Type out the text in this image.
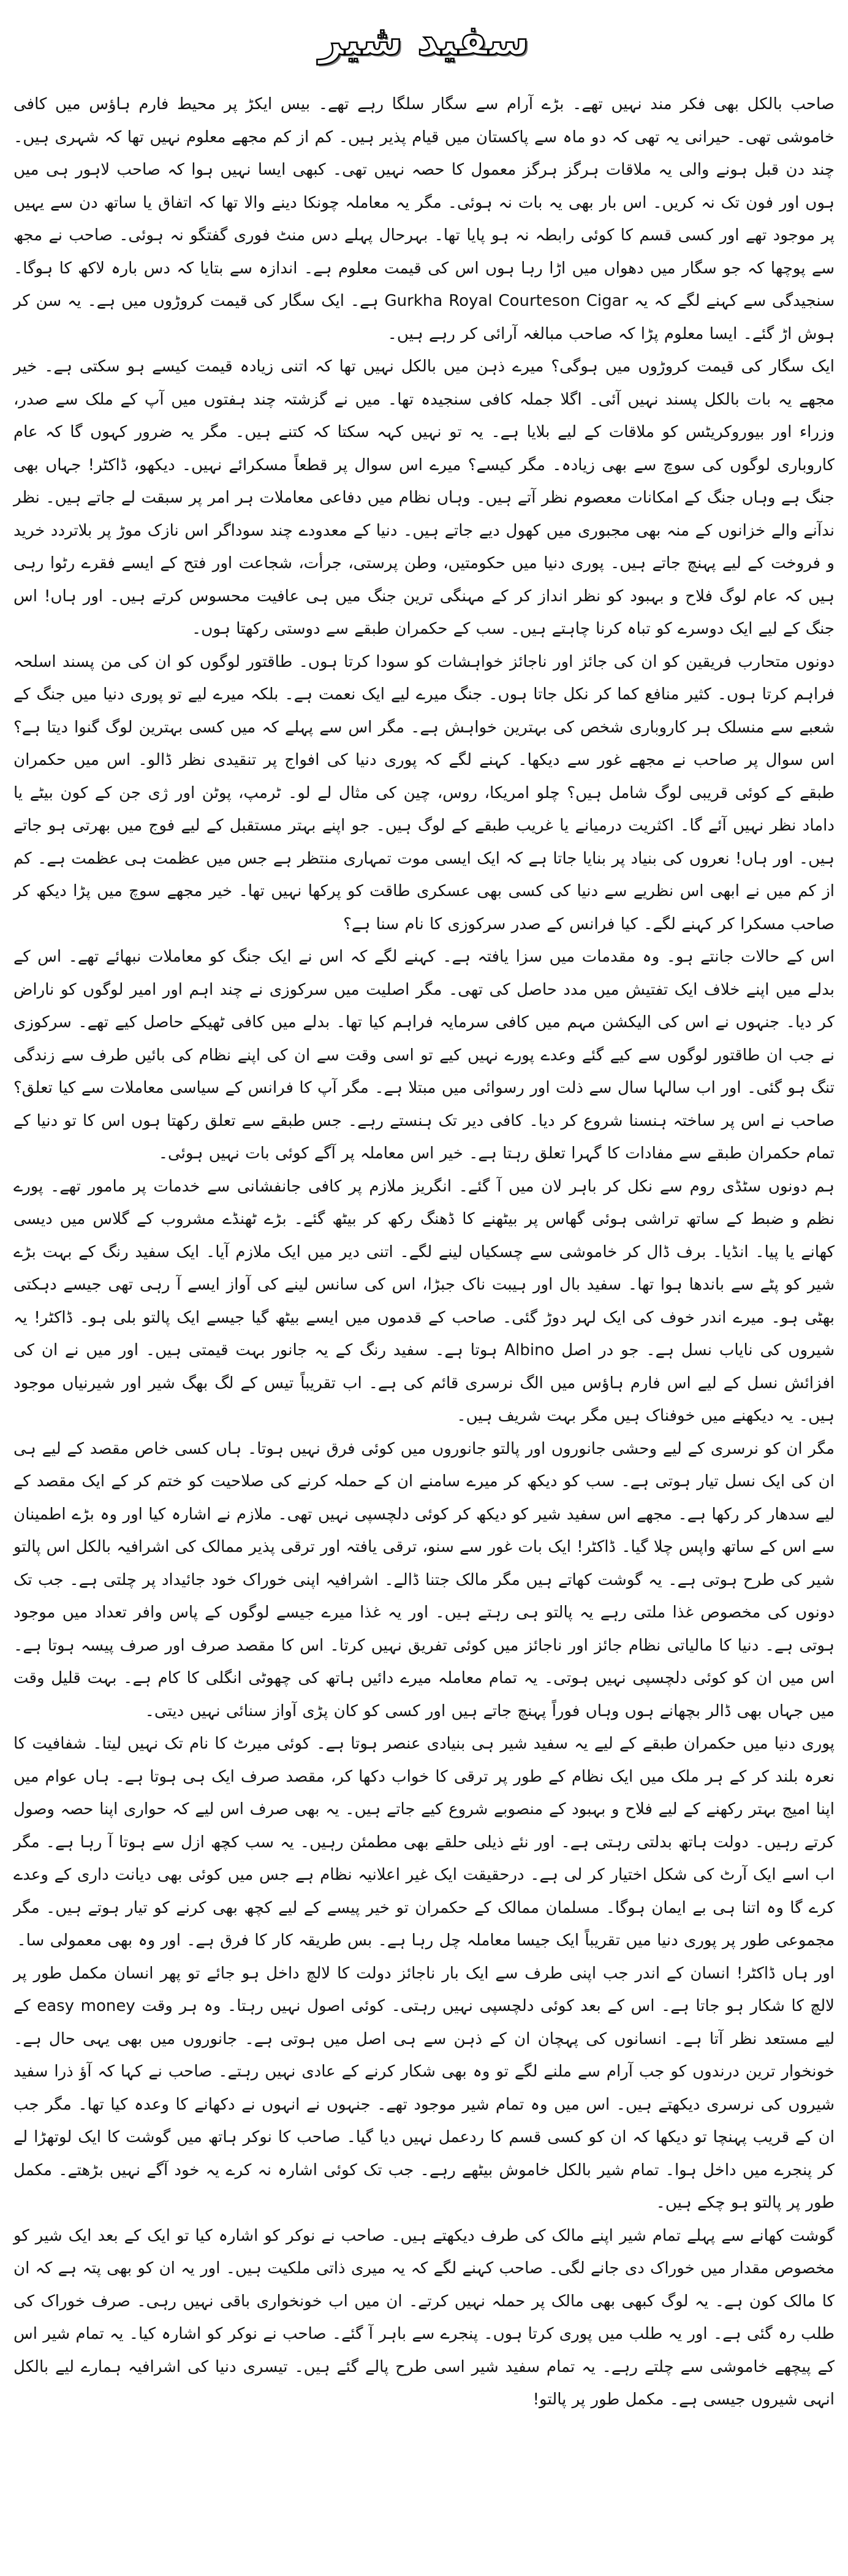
سفید شیر

صاحب بالکل بھی فکر مند نہیں تھے۔ بڑے آرام سے سگار سلگا رہے تھے۔ بیس ایکڑ پر محیط فارم ہاؤس میں کافی خاموشی تھی۔ حیرانی یہ تھی کہ دو ماہ سے پاکستان میں قیام پذیر ہیں۔ کم از کم مجھے معلوم نہیں تھا کہ شہری ہیں۔ چند دن قبل ہونے والی یہ ملاقات ہرگز ہرگز معمول کا حصہ نہیں تھی۔ کبھی ایسا نہیں ہوا کہ صاحب لاہور ہی میں ہوں اور فون تک نہ کریں۔ اس بار بھی یہ بات نہ ہوئی۔ مگر یہ معاملہ چونکا دینے والا تھا کہ اتفاق یا ساتھ دن سے یہیں پر موجود تھے اور کسی قسم کا کوئی رابطہ نہ ہو پایا تھا۔ بہرحال پہلے دس منٹ فوری گفتگو نہ ہوئی۔ صاحب نے مجھ سے پوچھا کہ جو سگار میں دھواں میں اڑا رہا ہوں اس کی قیمت معلوم ہے۔ اندازہ سے بتایا کہ دس بارہ لاکھ کا ہوگا۔ سنجیدگی سے کہنے لگے کہ یہ Gurkha Royal Courteson Cigar ہے۔ ایک سگار کی قیمت کروڑوں میں ہے۔ یہ سن کر ہوش اڑ گئے۔ ایسا معلوم پڑا کہ صاحب مبالغہ آرائی کر رہے ہیں۔

ایک سگار کی قیمت کروڑوں میں ہوگی؟ میرے ذہن میں بالکل نہیں تھا کہ اتنی زیادہ قیمت کیسے ہو سکتی ہے۔ خیر مجھے یہ بات بالکل پسند نہیں آئی۔ اگلا جملہ کافی سنجیدہ تھا۔ میں نے گزشتہ چند ہفتوں میں آپ کے ملک سے صدر، وزراء اور بیوروکریٹس کو ملاقات کے لیے بلایا ہے۔ یہ تو نہیں کہہ سکتا کہ کتنے ہیں۔ مگر یہ ضرور کہوں گا کہ عام کاروباری لوگوں کی سوچ سے بھی زیادہ۔ مگر کیسے؟ میرے اس سوال پر قطعاً مسکرائے نہیں۔ دیکھو، ڈاکٹر! جہاں بھی جنگ ہے وہاں جنگ کے امکانات معصوم نظر آتے ہیں۔ وہاں نظام میں دفاعی معاملات ہر امر پر سبقت لے جاتے ہیں۔ نظر ندآنے والے خزانوں کے منہ بھی مجبوری میں کھول دیے جاتے ہیں۔ دنیا کے معدودے چند سوداگر اس نازک موڑ پر بلاتردد خرید و فروخت کے لیے پہنچ جاتے ہیں۔ پوری دنیا میں حکومتیں، وطن پرستی، جرأت، شجاعت اور فتح کے ایسے فقرے رٹوا رہی ہیں کہ عام لوگ فلاح و بہبود کو نظر انداز کر کے مہنگی ترین جنگ میں ہی عافیت محسوس کرتے ہیں۔ اور ہاں! اس جنگ کے لیے ایک دوسرے کو تباہ کرنا چاہتے ہیں۔ سب کے حکمران طبقے سے دوستی رکھتا ہوں۔

دونوں متحارب فریقین کو ان کی جائز اور ناجائز خواہشات کو سودا کرتا ہوں۔ طاقتور لوگوں کو ان کی من پسند اسلحہ فراہم کرتا ہوں۔ کثیر منافع کما کر نکل جاتا ہوں۔ جنگ میرے لیے ایک نعمت ہے۔ بلکہ میرے لیے تو پوری دنیا میں جنگ کے شعبے سے منسلک ہر کاروباری شخص کی بہترین خواہش ہے۔ مگر اس سے پہلے کہ میں کسی بہترین لوگ گنوا دیتا ہے؟ اس سوال پر صاحب نے مجھے غور سے دیکھا۔ کہنے لگے کہ پوری دنیا کی افواج پر تنقیدی نظر ڈالو۔ اس میں حکمران طبقے کے کوئی قریبی لوگ شامل ہیں؟ چلو امریکا، روس، چین کی مثال لے لو۔ ٹرمپ، پوٹن اور ژی جن کے کون بیٹے یا داماد نظر نہیں آئے گا۔ اکثریت درمیانے یا غریب طبقے کے لوگ ہیں۔ جو اپنے بہتر مستقبل کے لیے فوج میں بھرتی ہو جاتے ہیں۔ اور ہاں! نعروں کی بنیاد پر بنایا جاتا ہے کہ ایک ایسی موت تمہاری منتظر ہے جس میں عظمت ہی عظمت ہے۔ کم از کم میں نے ابھی اس نظریے سے دنیا کی کسی بھی عسکری طاقت کو پرکھا نہیں تھا۔ خیر مجھے سوچ میں پڑا دیکھ کر صاحب مسکرا کر کہنے لگے۔ کیا فرانس کے صدر سرکوزی کا نام سنا ہے؟

اس کے حالات جانتے ہو۔ وہ مقدمات میں سزا یافتہ ہے۔ کہنے لگے کہ اس نے ایک جنگ کو معاملات نبھائے تھے۔ اس کے بدلے میں اپنے خلاف ایک تفتیش میں مدد حاصل کی تھی۔ مگر اصلیت میں سرکوزی نے چند اہم اور امیر لوگوں کو ناراض کر دیا۔ جنہوں نے اس کی الیکشن مہم میں کافی سرمایہ فراہم کیا تھا۔ بدلے میں کافی ٹھیکے حاصل کیے تھے۔ سرکوزی نے جب ان طاقتور لوگوں سے کیے گئے وعدے پورے نہیں کیے تو اسی وقت سے ان کی اپنے نظام کی بائیں طرف سے زندگی تنگ ہو گئی۔ اور اب سالہا سال سے ذلت اور رسوائی میں مبتلا ہے۔ مگر آپ کا فرانس کے سیاسی معاملات سے کیا تعلق؟ صاحب نے اس پر ساختہ ہنسنا شروع کر دیا۔ کافی دیر تک ہنستے رہے۔ جس طبقے سے تعلق رکھتا ہوں اس کا تو دنیا کے تمام حکمران طبقے سے مفادات کا گہرا تعلق رہتا ہے۔ خیر اس معاملہ پر آگے کوئی بات نہیں ہوئی۔

ہم دونوں سٹڈی روم سے نکل کر باہر لان میں آ گئے۔ انگریز ملازم پر کافی جانفشانی سے خدمات پر مامور تھے۔ پورے نظم و ضبط کے ساتھ تراشی ہوئی گھاس پر بیٹھنے کا ڈھنگ رکھ کر بیٹھ گئے۔ بڑے ٹھنڈے مشروب کے گلاس میں دیسی کھانے یا پیا۔ انڈیا۔ برف ڈال کر خاموشی سے چسکیاں لینے لگے۔ اتنی دیر میں ایک ملازم آیا۔ ایک سفید رنگ کے بہت بڑے شیر کو پٹے سے باندھا ہوا تھا۔ سفید بال اور ہیبت ناک جبڑا، اس کی سانس لینے کی آواز ایسے آ رہی تھی جیسے دہکتی بھٹی ہو۔ میرے اندر خوف کی ایک لہر دوڑ گئی۔ صاحب کے قدموں میں ایسے بیٹھ گیا جیسے ایک پالتو بلی ہو۔ ڈاکٹر! یہ شیروں کی نایاب نسل ہے۔ جو در اصل Albino ہوتا ہے۔ سفید رنگ کے یہ جانور بہت قیمتی ہیں۔ اور میں نے ان کی افزائش نسل کے لیے اس فارم ہاؤس میں الگ نرسری قائم کی ہے۔ اب تقریباً تیس کے لگ بھگ شیر اور شیرنیاں موجود ہیں۔ یہ دیکھنے میں خوفناک ہیں مگر بہت شریف ہیں۔

مگر ان کو نرسری کے لیے وحشی جانوروں اور پالتو جانوروں میں کوئی فرق نہیں ہوتا۔ ہاں کسی خاص مقصد کے لیے ہی ان کی ایک نسل تیار ہوتی ہے۔ سب کو دیکھ کر میرے سامنے ان کے حملہ کرنے کی صلاحیت کو ختم کر کے ایک مقصد کے لیے سدھار کر رکھا ہے۔ مجھے اس سفید شیر کو دیکھ کر کوئی دلچسپی نہیں تھی۔ ملازم نے اشارہ کیا اور وہ بڑے اطمینان سے اس کے ساتھ واپس چلا گیا۔ ڈاکٹر! ایک بات غور سے سنو، ترقی یافتہ اور ترقی پذیر ممالک کی اشرافیہ بالکل اس پالتو شیر کی طرح ہوتی ہے۔ یہ گوشت کھاتے ہیں مگر مالک جتنا ڈالے۔ اشرافیہ اپنی خوراک خود جائیداد پر چلتی ہے۔ جب تک دونوں کی مخصوص غذا ملتی رہے یہ پالتو ہی رہتے ہیں۔ اور یہ غذا میرے جیسے لوگوں کے پاس وافر تعداد میں موجود ہوتی ہے۔ دنیا کا مالیاتی نظام جائز اور ناجائز میں کوئی تفریق نہیں کرتا۔ اس کا مقصد صرف اور صرف پیسہ ہوتا ہے۔ اس میں ان کو کوئی دلچسپی نہیں ہوتی۔ یہ تمام معاملہ میرے دائیں ہاتھ کی چھوٹی انگلی کا کام ہے۔ بہت قلیل وقت میں جہاں بھی ڈالر بچھانے ہوں وہاں فوراً پہنچ جاتے ہیں اور کسی کو کان پڑی آواز سنائی نہیں دیتی۔

پوری دنیا میں حکمران طبقے کے لیے یہ سفید شیر ہی بنیادی عنصر ہوتا ہے۔ کوئی میرٹ کا نام تک نہیں لیتا۔ شفافیت کا نعرہ بلند کر کے ہر ملک میں ایک نظام کے طور پر ترقی کا خواب دکھا کر، مقصد صرف ایک ہی ہوتا ہے۔ ہاں عوام میں اپنا امیج بہتر رکھنے کے لیے فلاح و بہبود کے منصوبے شروع کیے جاتے ہیں۔ یہ بھی صرف اس لیے کہ حواری اپنا حصہ وصول کرتے رہیں۔ دولت ہاتھ بدلتی رہتی ہے۔ اور نئے ذیلی حلقے بھی مطمئن رہیں۔ یہ سب کچھ ازل سے ہوتا آ رہا ہے۔ مگر اب اسے ایک آرٹ کی شکل اختیار کر لی ہے۔ درحقیقت ایک غیر اعلانیہ نظام ہے جس میں کوئی بھی دیانت داری کے وعدے کرے گا وہ اتنا ہی بے ایمان ہوگا۔ مسلمان ممالک کے حکمران تو خیر پیسے کے لیے کچھ بھی کرنے کو تیار ہوتے ہیں۔ مگر مجموعی طور پر پوری دنیا میں تقریباً ایک جیسا معاملہ چل رہا ہے۔ بس طریقہ کار کا فرق ہے۔ اور وہ بھی معمولی سا۔

اور ہاں ڈاکٹر! انسان کے اندر جب اپنی طرف سے ایک بار ناجائز دولت کا لالچ داخل ہو جائے تو پھر انسان مکمل طور پر لالچ کا شکار ہو جاتا ہے۔ اس کے بعد کوئی دلچسپی نہیں رہتی۔ کوئی اصول نہیں رہتا۔ وہ ہر وقت easy money کے لیے مستعد نظر آتا ہے۔ انسانوں کی پہچان ان کے ذہن سے ہی اصل میں ہوتی ہے۔ جانوروں میں بھی یہی حال ہے۔ خونخوار ترین درندوں کو جب آرام سے ملنے لگے تو وہ بھی شکار کرنے کے عادی نہیں رہتے۔ صاحب نے کہا کہ آؤ ذرا سفید شیروں کی نرسری دیکھتے ہیں۔ اس میں وہ تمام شیر موجود تھے۔ جنہوں نے انہوں نے دکھانے کا وعدہ کیا تھا۔ مگر جب ان کے قریب پہنچا تو دیکھا کہ ان کو کسی قسم کا ردعمل نہیں دیا گیا۔ صاحب کا نوکر ہاتھ میں گوشت کا ایک لوتھڑا لے کر پنجرے میں داخل ہوا۔ تمام شیر بالکل خاموش بیٹھے رہے۔ جب تک کوئی اشارہ نہ کرے یہ خود آگے نہیں بڑھتے۔ مکمل طور پر پالتو ہو چکے ہیں۔

گوشت کھانے سے پہلے تمام شیر اپنے مالک کی طرف دیکھتے ہیں۔ صاحب نے نوکر کو اشارہ کیا تو ایک کے بعد ایک شیر کو مخصوص مقدار میں خوراک دی جانے لگی۔ صاحب کہنے لگے کہ یہ میری ذاتی ملکیت ہیں۔ اور یہ ان کو بھی پتہ ہے کہ ان کا مالک کون ہے۔ یہ لوگ کبھی بھی مالک پر حملہ نہیں کرتے۔ ان میں اب خونخواری باقی نہیں رہی۔ صرف خوراک کی طلب رہ گئی ہے۔ اور یہ طلب میں پوری کرتا ہوں۔ پنجرے سے باہر آ گئے۔ صاحب نے نوکر کو اشارہ کیا۔ یہ تمام شیر اس کے پیچھے خاموشی سے چلتے رہے۔ یہ تمام سفید شیر اسی طرح پالے گئے ہیں۔ تیسری دنیا کی اشرافیہ ہمارے لیے بالکل انہی شیروں جیسی ہے۔ مکمل طور پر پالتو!
